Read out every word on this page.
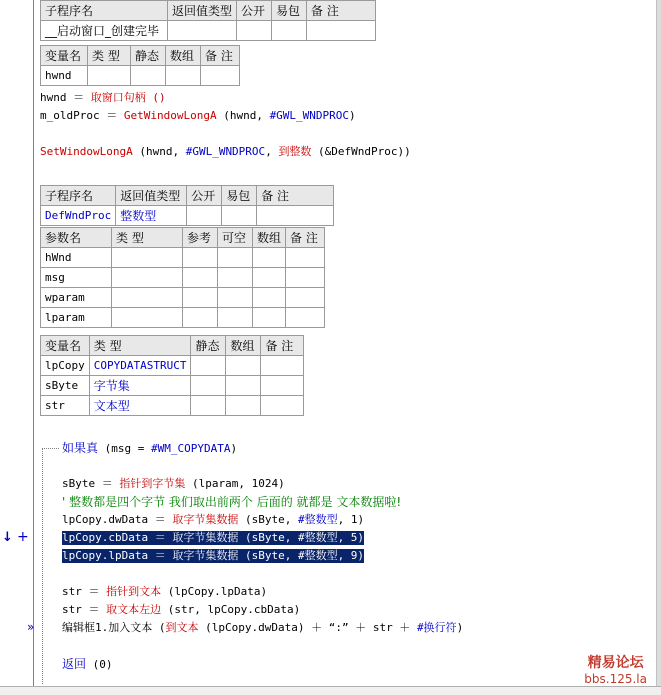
子程序名	返回值类型	公开	易包	备 注
__启动窗口_创建完毕				
变量名	类 型	静态	数组	备 注
hwnd				
hwnd ＝ 取窗口句柄 ()
m_oldProc ＝ GetWindowLongA (hwnd, #GWL_WNDPROC)
SetWindowLongA (hwnd, #GWL_WNDPROC, 到整数 (&DefWndProc))
子程序名	返回值类型	公开	易包	备 注
DefWndProc	整数型			
参数名	类 型	参考	可空	数组	备 注
hWnd					
msg					
wparam					
lparam					
变量名	类 型	静态	数组	备 注
lpCopy	COPYDATASTRUCT			
sByte	字节集			
str	文本型			
如果真 (msg = #WM_COPYDATA)
sByte ＝ 指针到字节集 (lparam, 1024)
' 整数都是四个字节 我们取出前两个 后面的 就都是 文本数据啦!
lpCopy.dwData ＝ 取字节集数据 (sByte, #整数型, 1)
lpCopy.cbData ＝ 取字节集数据 (sByte, #整数型, 5)
lpCopy.lpData ＝ 取字节集数据 (sByte, #整数型, 9)
str ＝ 指针到文本 (lpCopy.lpData)
str ＝ 取文本左边 (str, lpCopy.cbData)
编辑框1.加入文本 (到文本 (lpCopy.dwData) ＋ “:” ＋ str ＋ #换行符)
返回 (0)
↓ +
»
精易论坛
bbs.125.la
